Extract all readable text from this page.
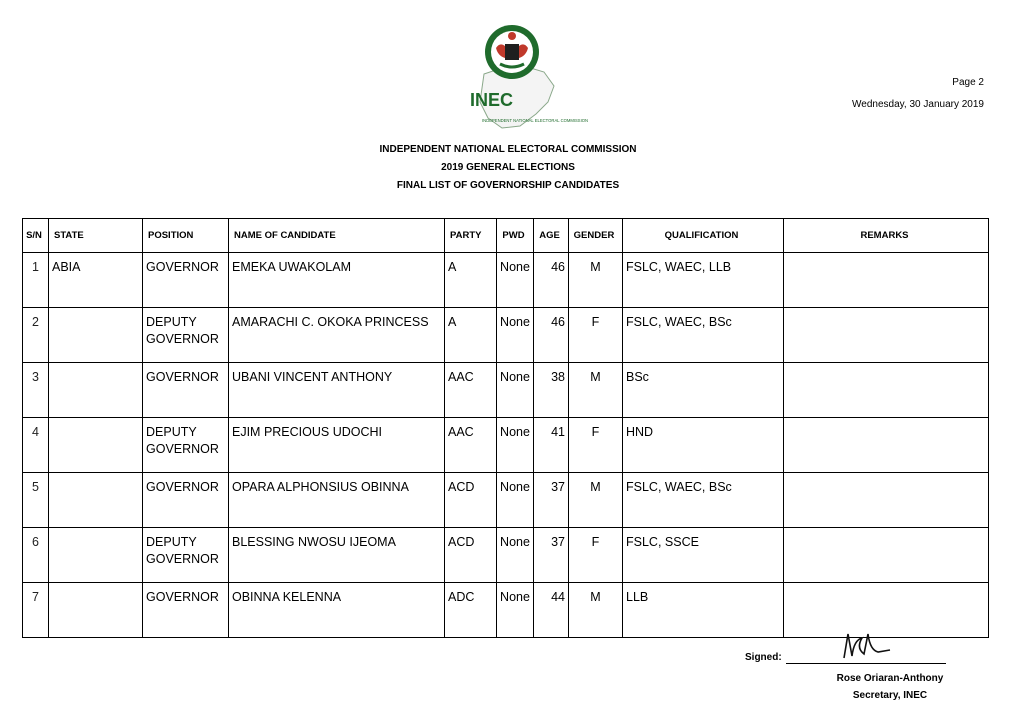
INEC
INDEPENDENT NATIONAL ELECTORAL COMMISSION
Page 2
Wednesday, 30 January 2019
INDEPENDENT NATIONAL ELECTORAL COMMISSION
2019 GENERAL ELECTIONS
FINAL LIST OF GOVERNORSHIP CANDIDATES
S/N	STATE	POSITION	NAME OF CANDIDATE	PARTY	PWD	AGE	GENDER	QUALIFICATION	REMARKS
1	ABIA	GOVERNOR	EMEKA UWAKOLAM	A	None	46	M	FSLC, WAEC, LLB	
2		DEPUTY GOVERNOR	AMARACHI C. OKOKA PRINCESS	A	None	46	F	FSLC, WAEC, BSc	
3		GOVERNOR	UBANI VINCENT ANTHONY	AAC	None	38	M	BSc	
4		DEPUTY GOVERNOR	EJIM PRECIOUS UDOCHI	AAC	None	41	F	HND	
5		GOVERNOR	OPARA ALPHONSIUS OBINNA	ACD	None	37	M	FSLC, WAEC, BSc	
6		DEPUTY GOVERNOR	BLESSING NWOSU IJEOMA	ACD	None	37	F	FSLC, SSCE	
7		GOVERNOR	OBINNA KELENNA	ADC	None	44	M	LLB	
Signed:
Rose Oriaran-Anthony
Secretary, INEC
